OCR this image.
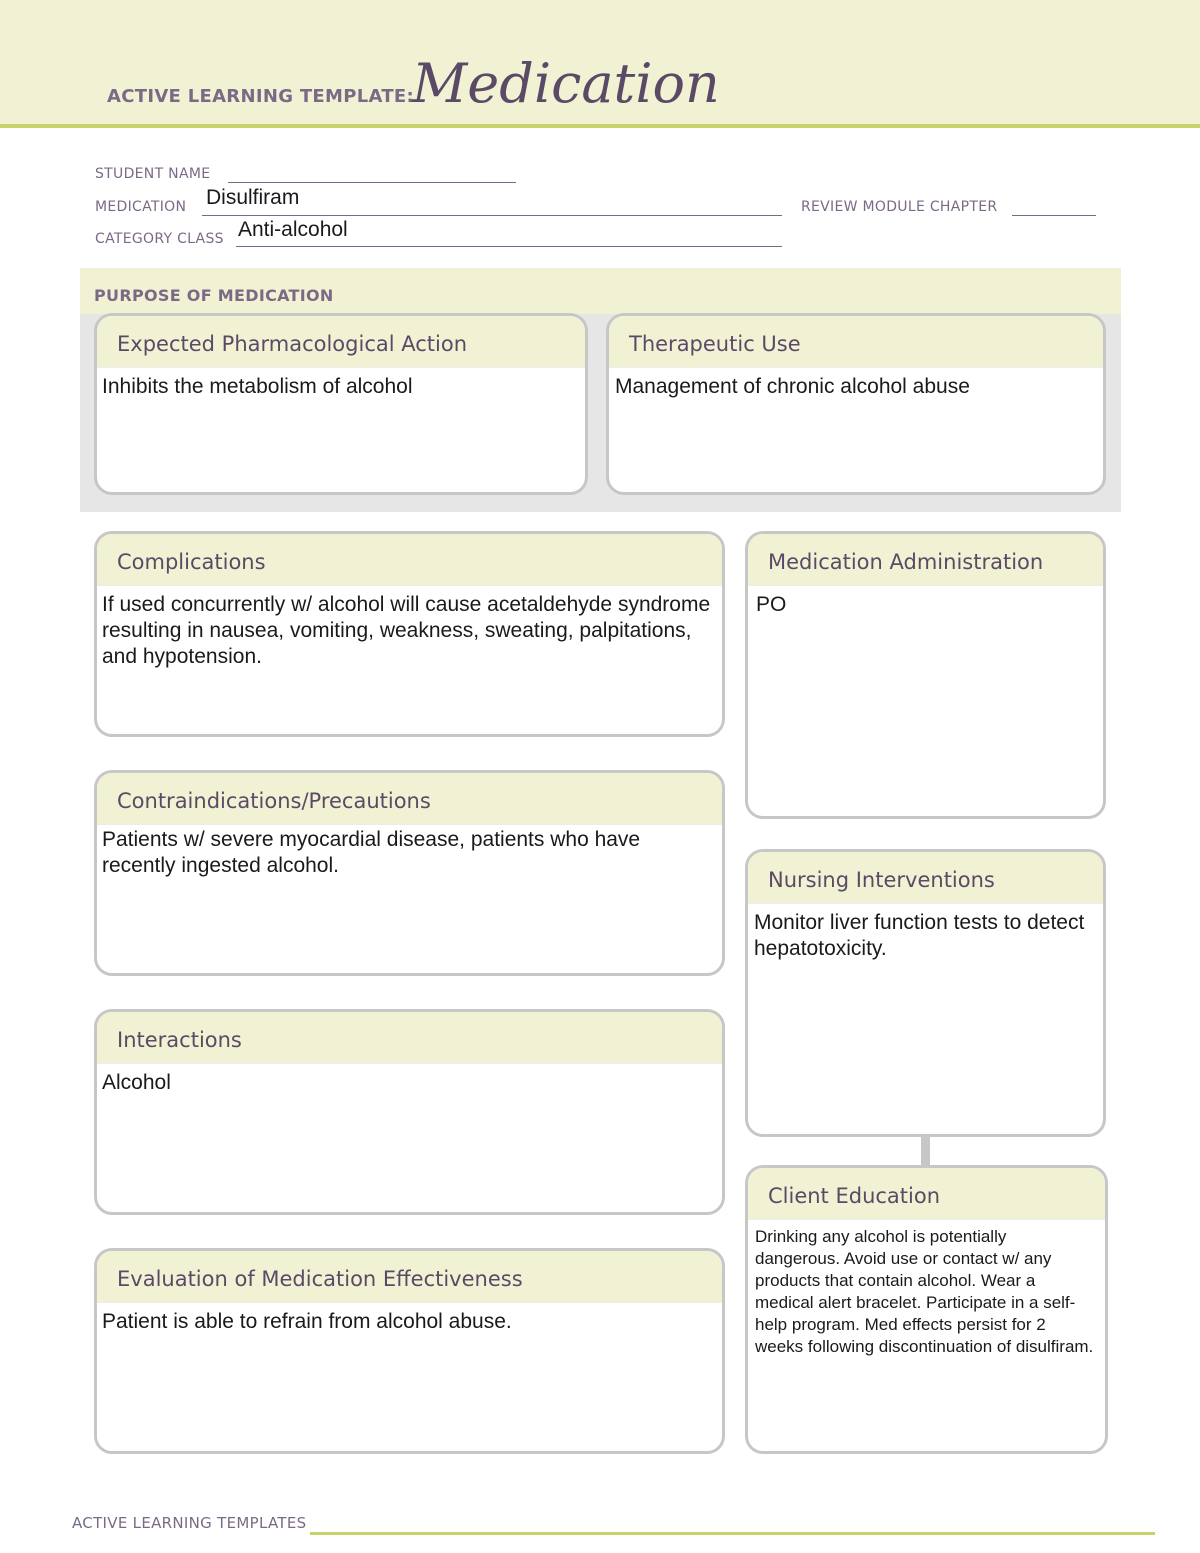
ACTIVE LEARNING TEMPLATE:
Medication
STUDENT NAME
MEDICATION Disulfiram	REVIEW MODULE CHAPTER
CATEGORY CLASS Anti-alcohol
PURPOSE OF MEDICATION
Expected Pharmacological Action
Inhibits the metabolism of alcohol
Therapeutic Use
Management of chronic alcohol abuse
Complications
If used concurrently w/ alcohol will cause acetaldehyde syndrome resulting in nausea, vomiting, weakness, sweating, palpitations, and hypotension.
Contraindications/Precautions
Patients w/ severe myocardial disease, patients who have recently ingested alcohol.
Interactions
Alcohol
Evaluation of Medication Effectiveness
Patient is able to refrain from alcohol abuse.
Medication Administration
PO
Nursing Interventions
Monitor liver function tests to detect hepatotoxicity.
Client Education
Drinking any alcohol is potentially dangerous. Avoid use or contact w/ any products that contain alcohol. Wear a medical alert bracelet. Participate in a self-help program. Med effects persist for 2 weeks following discontinuation of disulfiram.
ACTIVE LEARNING TEMPLATES
